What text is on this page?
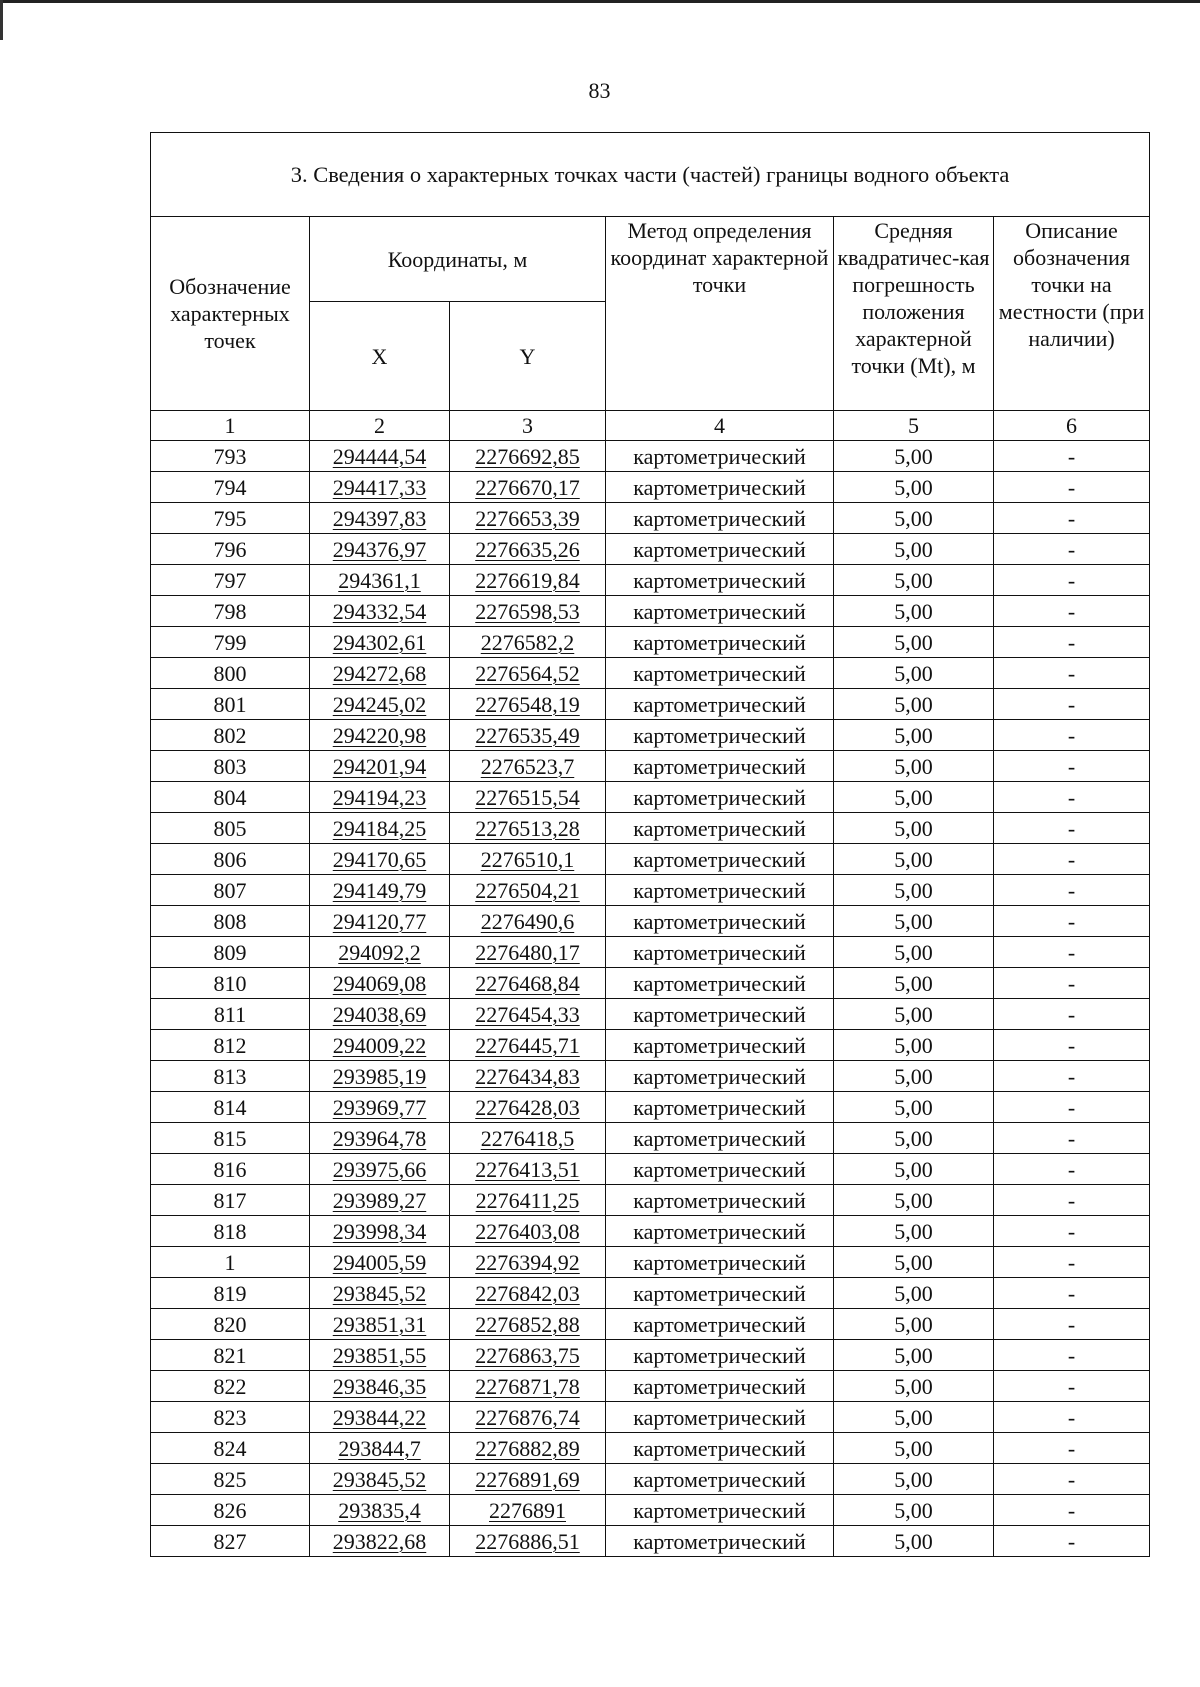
83
3. Сведения о характерных точках части (частей) границы водного объекта					
Обозначение характерных точек	Координаты, м		Метод определения координат характерной точки	Средняя квадратичес-кая погрешность положения характерной точки (Mt), м	Описание обозначения точки на местности (при наличии)
	X	Y			
1	2	3	4	5	6
793	294444,54	2276692,85	картометрический	5,00	-
794	294417,33	2276670,17	картометрический	5,00	-
795	294397,83	2276653,39	картометрический	5,00	-
796	294376,97	2276635,26	картометрический	5,00	-
797	294361,1	2276619,84	картометрический	5,00	-
798	294332,54	2276598,53	картометрический	5,00	-
799	294302,61	2276582,2	картометрический	5,00	-
800	294272,68	2276564,52	картометрический	5,00	-
801	294245,02	2276548,19	картометрический	5,00	-
802	294220,98	2276535,49	картометрический	5,00	-
803	294201,94	2276523,7	картометрический	5,00	-
804	294194,23	2276515,54	картометрический	5,00	-
805	294184,25	2276513,28	картометрический	5,00	-
806	294170,65	2276510,1	картометрический	5,00	-
807	294149,79	2276504,21	картометрический	5,00	-
808	294120,77	2276490,6	картометрический	5,00	-
809	294092,2	2276480,17	картометрический	5,00	-
810	294069,08	2276468,84	картометрический	5,00	-
811	294038,69	2276454,33	картометрический	5,00	-
812	294009,22	2276445,71	картометрический	5,00	-
813	293985,19	2276434,83	картометрический	5,00	-
814	293969,77	2276428,03	картометрический	5,00	-
815	293964,78	2276418,5	картометрический	5,00	-
816	293975,66	2276413,51	картометрический	5,00	-
817	293989,27	2276411,25	картометрический	5,00	-
818	293998,34	2276403,08	картометрический	5,00	-
1	294005,59	2276394,92	картометрический	5,00	-
819	293845,52	2276842,03	картометрический	5,00	-
820	293851,31	2276852,88	картометрический	5,00	-
821	293851,55	2276863,75	картометрический	5,00	-
822	293846,35	2276871,78	картометрический	5,00	-
823	293844,22	2276876,74	картометрический	5,00	-
824	293844,7	2276882,89	картометрический	5,00	-
825	293845,52	2276891,69	картометрический	5,00	-
826	293835,4	2276891	картометрический	5,00	-
827	293822,68	2276886,51	картометрический	5,00	-
